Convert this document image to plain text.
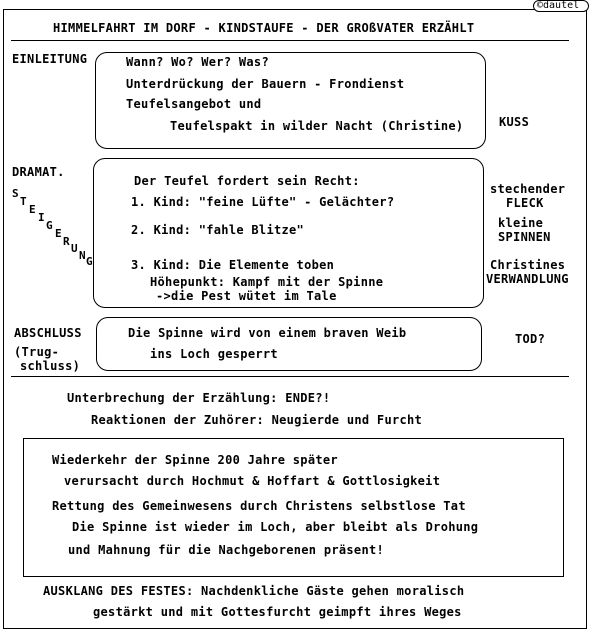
©dautel
HIMMELFAHRT IM DORF - KINDSTAUFE - DER GROßVATER ERZÄHLT
EINLEITUNG	Wann? Wo? Wer? Was?
Unterdrückung der Bauern - Frondienst
Teufelsangebot und
Teufelspakt in wilder Nacht (Christine)	KUSS
DRAMAT.
S
T
E
I
G
E
R
U
N G
Der Teufel fordert sein Recht:
1. Kind: "feine Lüfte" - Gelächter?
2. Kind: "fahle Blitze"
3. Kind: Die Elemente toben
Höhepunkt: Kampf mit der Spinne
->die Pest wütet im Tale
stechender
FLECK
kleine
SPINNEN
Christines
VERWANDLUNG
ABSCHLUSS
(Trug-
schluss)
Die Spinne wird von einem braven Weib
ins Loch gesperrt
TOD?
Unterbrechung der Erzählung: ENDE?!
Reaktionen der Zuhörer: Neugierde und Furcht
Wiederkehr der Spinne 200 Jahre später
verursacht durch Hochmut & Hoffart & Gottlosigkeit
Rettung des Gemeinwesens durch Christens selbstlose Tat
Die Spinne ist wieder im Loch, aber bleibt als Drohung
und Mahnung für die Nachgeborenen präsent!
AUSKLANG DES FESTES: Nachdenkliche Gäste gehen moralisch
gestärkt und mit Gottesfurcht geimpft ihres Weges
